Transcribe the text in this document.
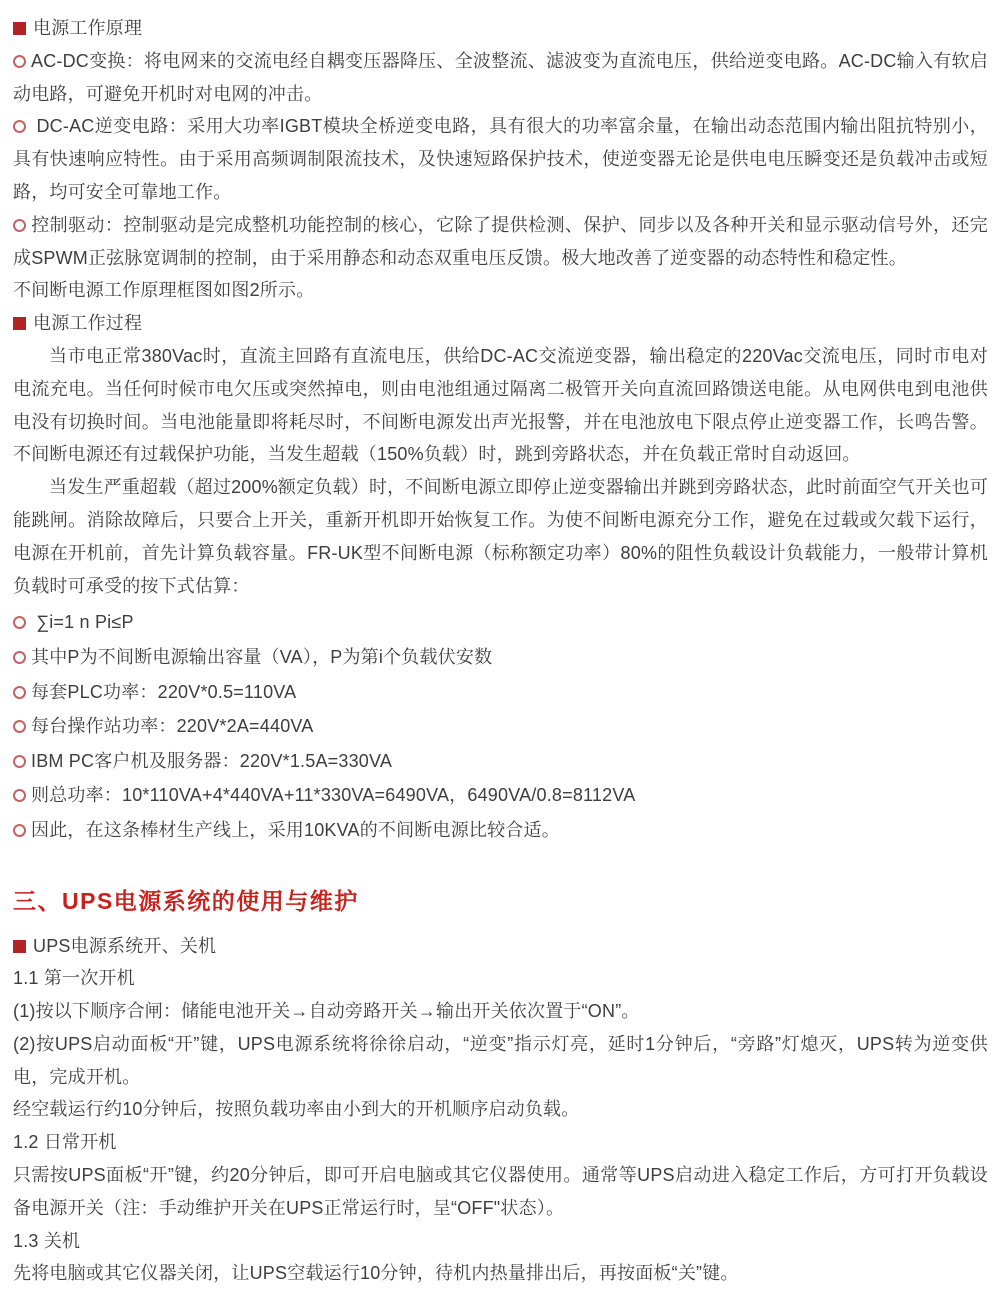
电源工作原理
AC-DC变换：将电网来的交流电经自耦变压器降压、全波整流、滤波变为直流电压，供给逆变电路。AC-DC输入有软启动电路，可避免开机时对电网的冲击。
DC-AC逆变电路：采用大功率IGBT模块全桥逆变电路，具有很大的功率富余量，在输出动态范围内输出阻抗特别小，具有快速响应特性。由于采用高频调制限流技术，及快速短路保护技术，使逆变器无论是供电电压瞬变还是负载冲击或短路，均可安全可靠地工作。
控制驱动：控制驱动是完成整机功能控制的核心，它除了提供检测、保护、同步以及各种开关和显示驱动信号外，还完成SPWM正弦脉宽调制的控制，由于采用静态和动态双重电压反馈。极大地改善了逆变器的动态特性和稳定性。
不间断电源工作原理框图如图2所示。
电源工作过程
当市电正常380Vac时，直流主回路有直流电压，供给DC-AC交流逆变器，输出稳定的220Vac交流电压，同时市电对电流充电。当任何时候市电欠压或突然掉电，则由电池组通过隔离二极管开关向直流回路馈送电能。从电网供电到电池供电没有切换时间。当电池能量即将耗尽时，不间断电源发出声光报警，并在电池放电下限点停止逆变器工作，长鸣告警。不间断电源还有过载保护功能，当发生超载（150%负载）时，跳到旁路状态，并在负载正常时自动返回。
当发生严重超载（超过200%额定负载）时，不间断电源立即停止逆变器输出并跳到旁路状态，此时前面空气开关也可能跳闸。消除故障后，只要合上开关，重新开机即开始恢复工作。为使不间断电源充分工作，避免在过载或欠载下运行，电源在开机前，首先计算负载容量。FR-UK型不间断电源（标称额定功率）80%的阻性负载设计负载能力，一般带计算机负载时可承受的按下式估算：
∑i=1 n Pi≤P
其中P为不间断电源输出容量（VA），P为第i个负载伏安数
每套PLC功率：220V*0.5=110VA
每台操作站功率：220V*2A=440VA
IBM PC客户机及服务器：220V*1.5A=330VA
则总功率：10*110VA+4*440VA+11*330VA=6490VA，6490VA/0.8=8112VA
因此，在这条棒材生产线上，采用10KVA的不间断电源比较合适。
三、UPS电源系统的使用与维护
UPS电源系统开、关机
1.1 第一次开机
(1)按以下顺序合闸：储能电池开关→自动旁路开关→输出开关依次置于“ON”。
(2)按UPS启动面板“开”键，UPS电源系统将徐徐启动，“逆变”指示灯亮，延时1分钟后，“旁路”灯熄灭，UPS转为逆变供电，完成开机。
经空载运行约10分钟后，按照负载功率由小到大的开机顺序启动负载。
1.2 日常开机
只需按UPS面板“开”键，约20分钟后，即可开启电脑或其它仪器使用。通常等UPS启动进入稳定工作后，方可打开负载设备电源开关（注：手动维护开关在UPS正常运行时，呈“OFF"状态）。
1.3 关机
先将电脑或其它仪器关闭，让UPS空载运行10分钟，待机内热量排出后，再按面板“关”键。
